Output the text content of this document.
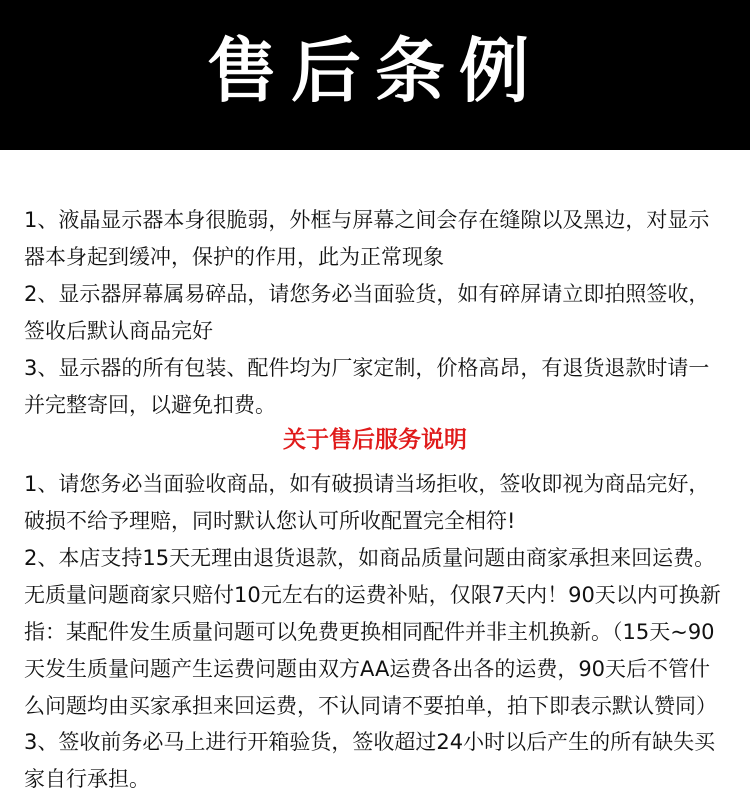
售后条例

1、液晶显示器本身很脆弱，外框与屏幕之间会存在缝隙以及黑边，对显示器本身起到缓冲，保护的作用，此为正常现象

2、显示器屏幕属易碎品，请您务必当面验货，如有碎屏请立即拍照签收，签收后默认商品完好

3、显示器的所有包装、配件均为厂家定制，价格高昂，有退货退款时请一并完整寄回，以避免扣费。

关于售后服务说明

1、请您务必当面验收商品，如有破损请当场拒收，签收即视为商品完好，破损不给予理赔，同时默认您认可所收配置完全相符!

2、本店支持15天无理由退货退款，如商品质量问题由商家承担来回运费。无质量问题商家只赔付10元左右的运费补贴，仅限7天内！90天以内可换新指：某配件发生质量问题可以免费更换相同配件并非主机换新。（15天~90天发生质量问题产生运费问题由双方AA运费各出各的运费，90天后不管什么问题均由买家承担来回运费，不认同请不要拍单，拍下即表示默认赞同）

3、签收前务必马上进行开箱验货，签收超过24小时以后产生的所有缺失买家自行承担。
